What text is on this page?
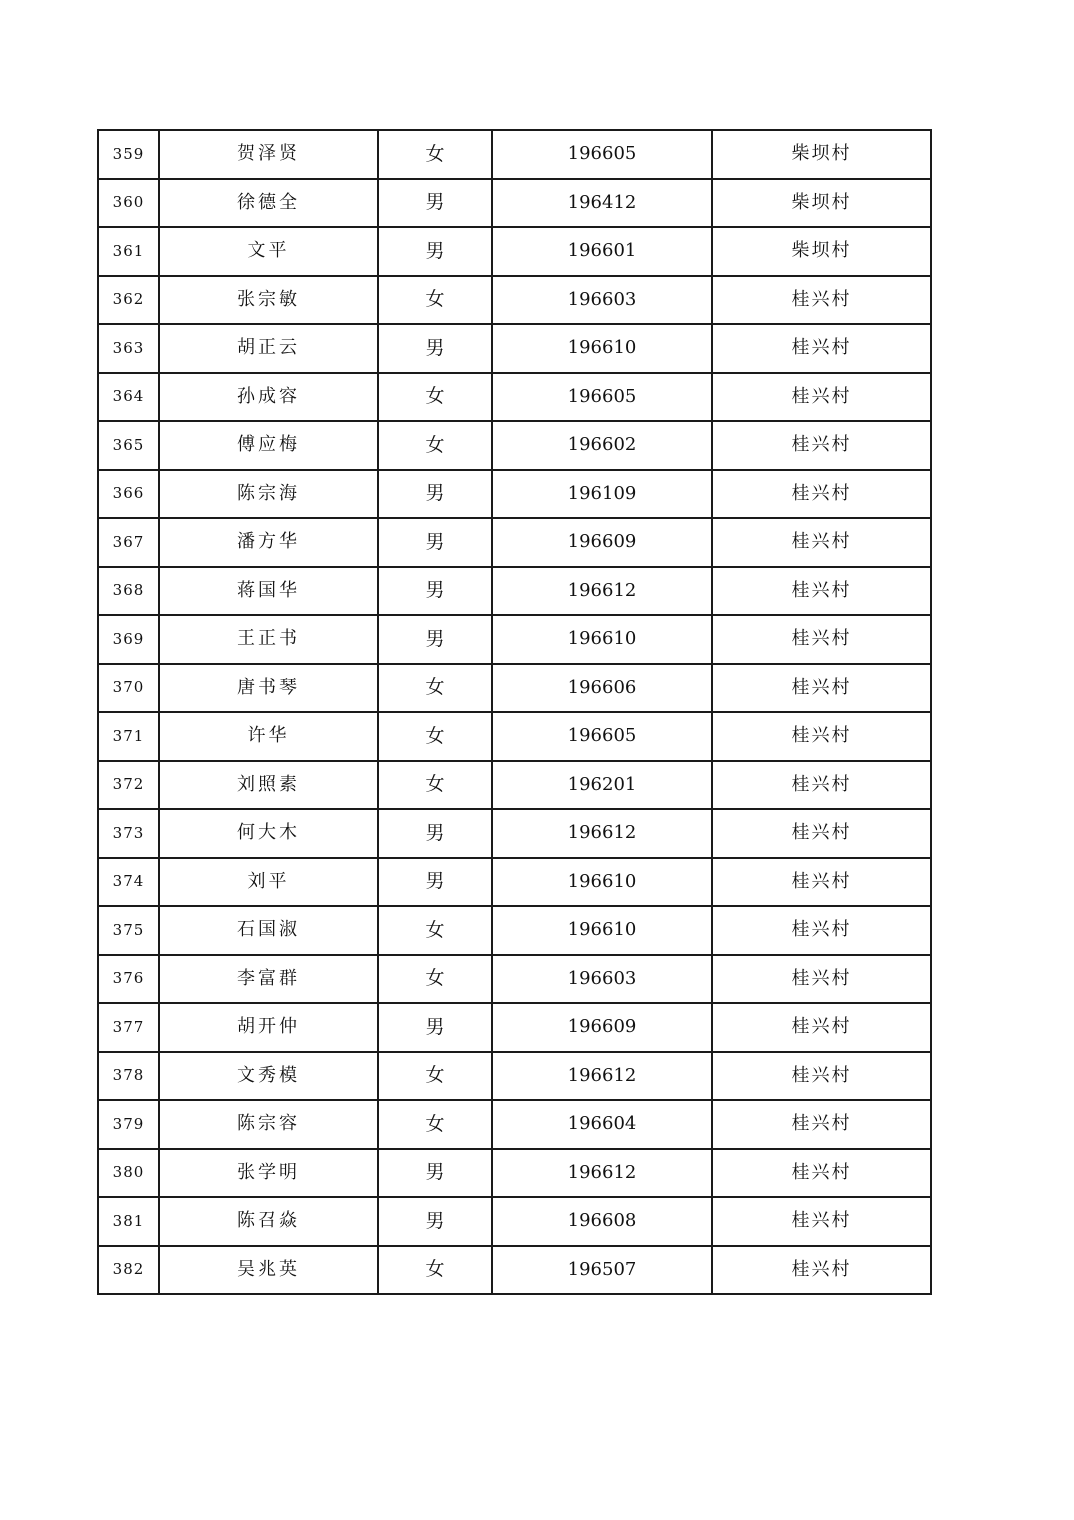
359	贺泽贤	女	196605	柴坝村
360	徐德全	男	196412	柴坝村
361	文平	男	196601	柴坝村
362	张宗敏	女	196603	桂兴村
363	胡正云	男	196610	桂兴村
364	孙成容	女	196605	桂兴村
365	傅应梅	女	196602	桂兴村
366	陈宗海	男	196109	桂兴村
367	潘方华	男	196609	桂兴村
368	蒋国华	男	196612	桂兴村
369	王正书	男	196610	桂兴村
370	唐书琴	女	196606	桂兴村
371	许华	女	196605	桂兴村
372	刘照素	女	196201	桂兴村
373	何大木	男	196612	桂兴村
374	刘平	男	196610	桂兴村
375	石国淑	女	196610	桂兴村
376	李富群	女	196603	桂兴村
377	胡开仲	男	196609	桂兴村
378	文秀模	女	196612	桂兴村
379	陈宗容	女	196604	桂兴村
380	张学明	男	196612	桂兴村
381	陈召焱	男	196608	桂兴村
382	吴兆英	女	196507	桂兴村
